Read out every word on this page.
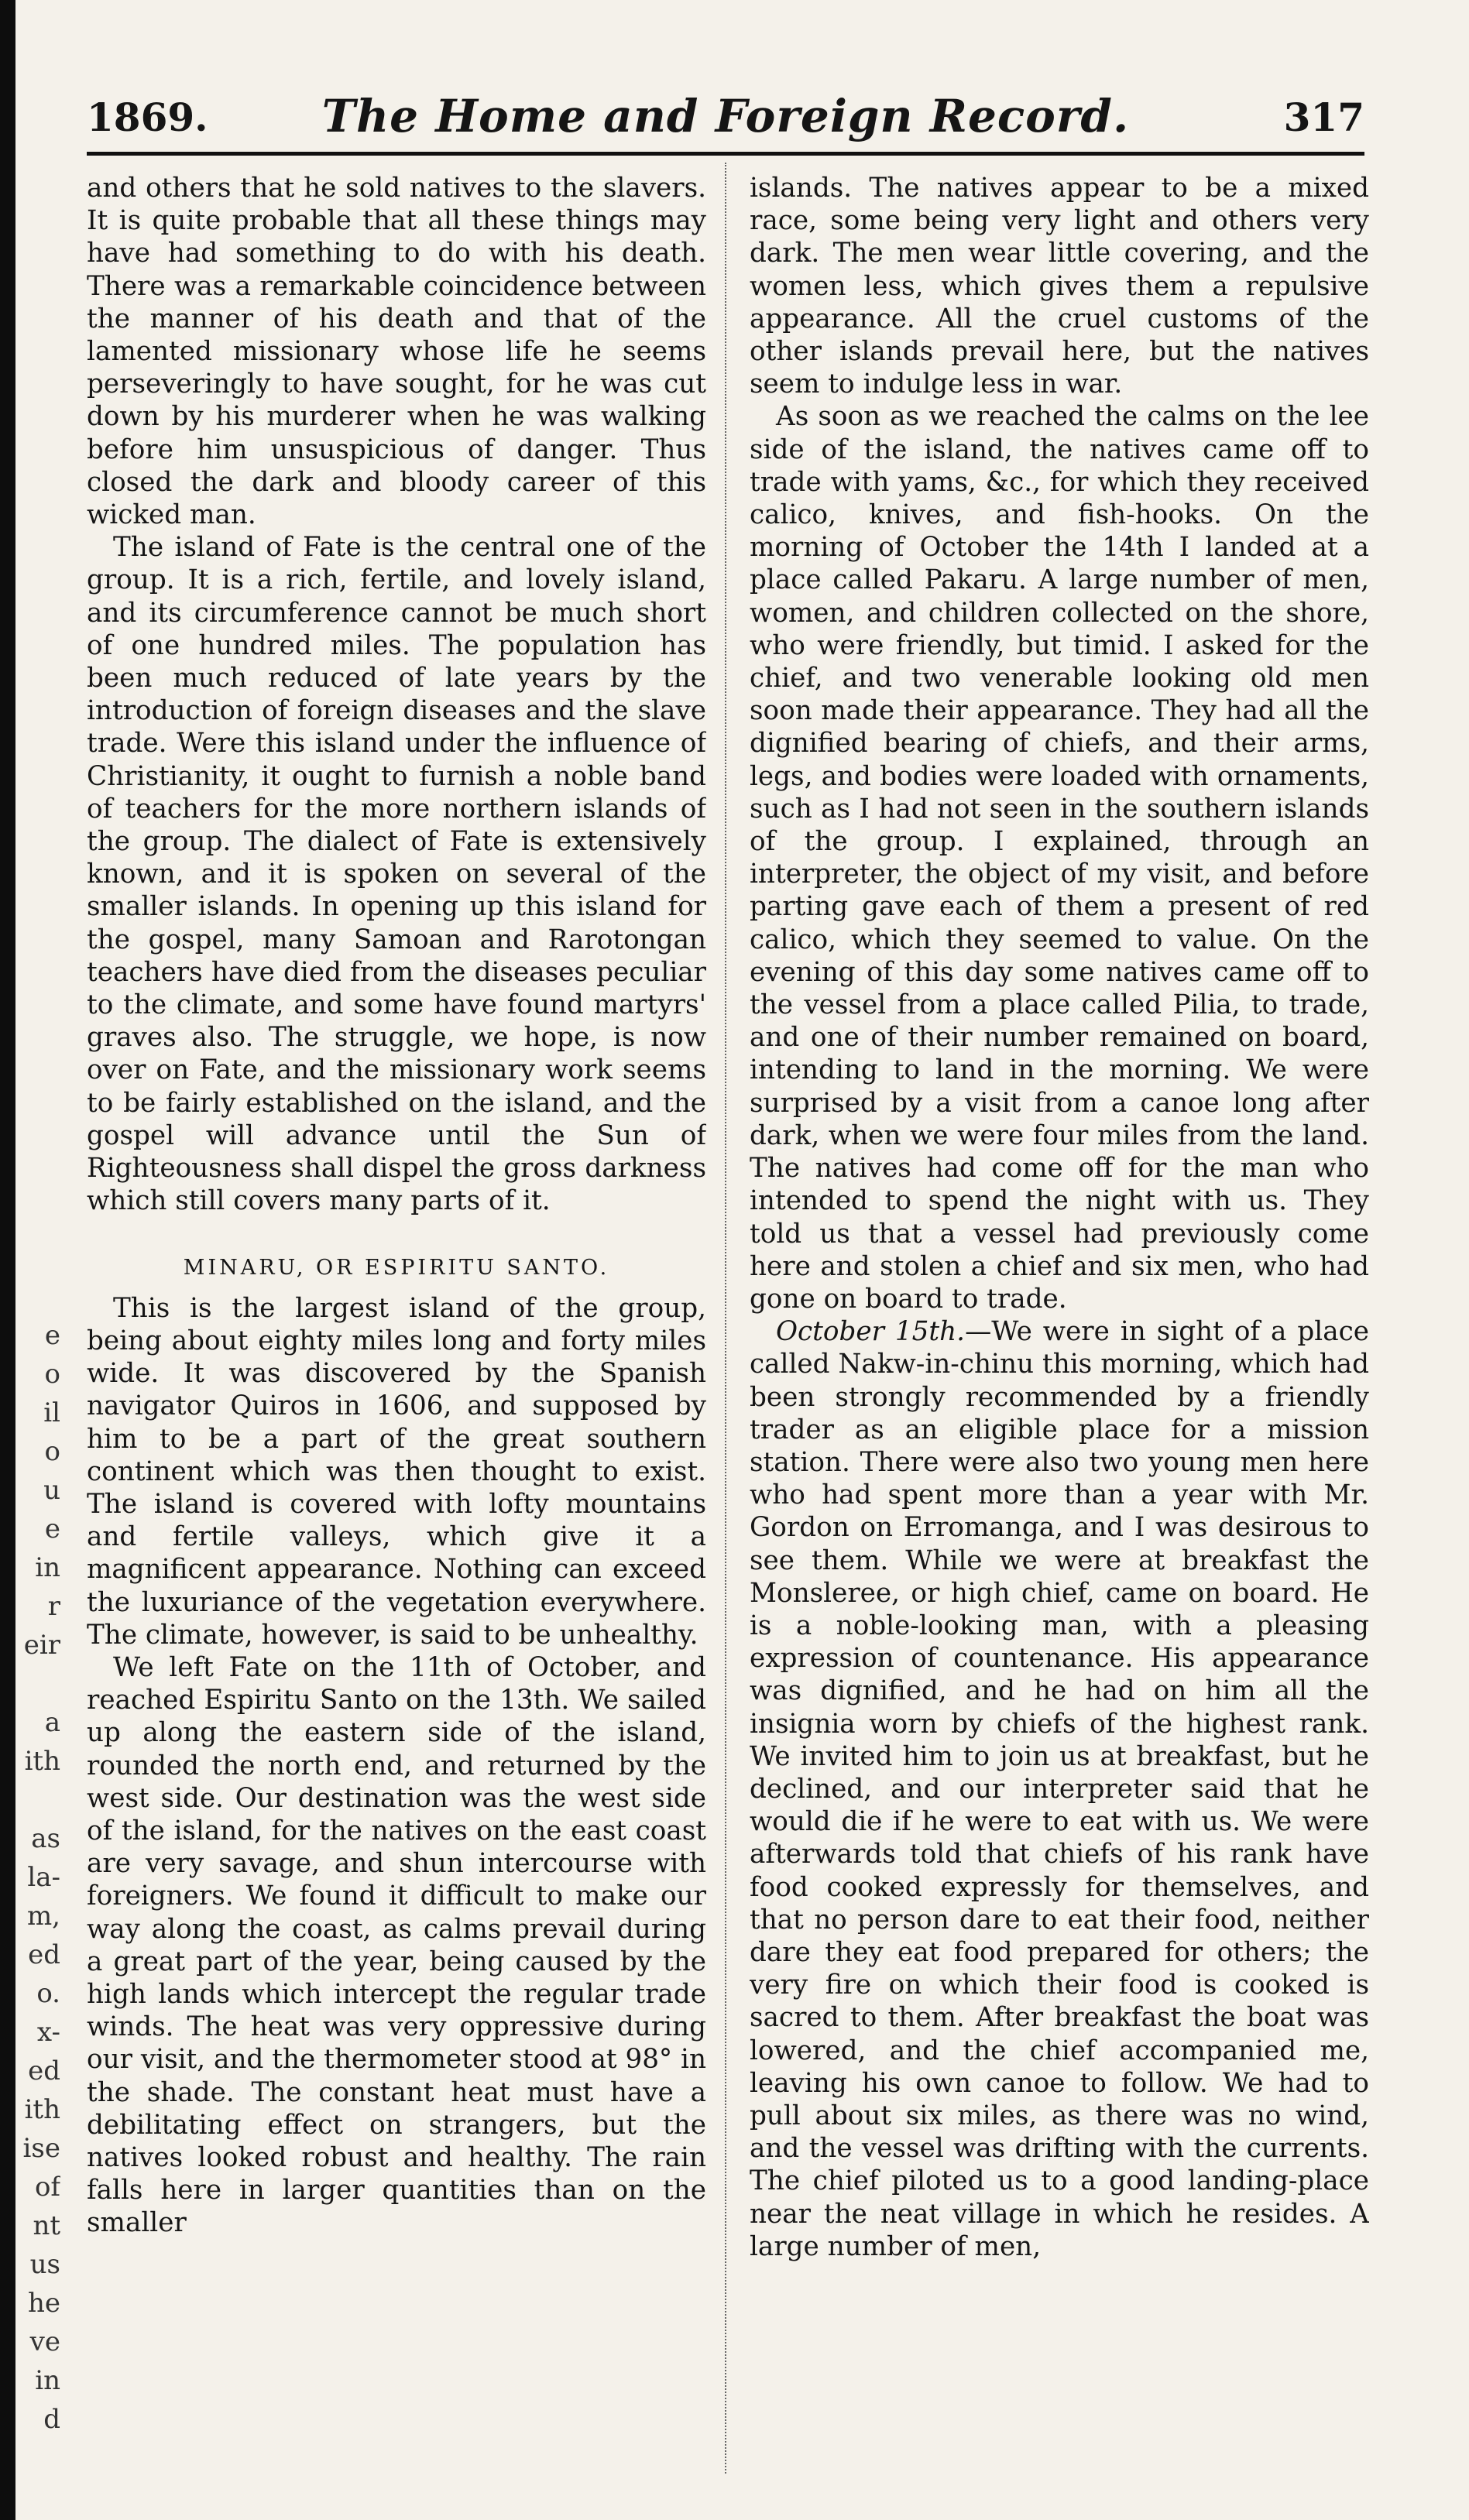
e
o
il
o
u
e
in
r
eir
a
ith
as
la-
m,
ed
o.
x-
ed
ith
ise
of
nt
us
he
ve
in
d
1869.	The Home and Foreign Record.	317

and others that he sold natives to the slavers. It is quite probable that all these things may have had something to do with his death. There was a remarkable coincidence between the manner of his death and that of the lamented missionary whose life he seems perseveringly to have sought, for he was cut down by his murderer when he was walking before him unsuspicious of danger. Thus closed the dark and bloody career of this wicked man.

The island of Fate is the central one of the group. It is a rich, fertile, and lovely island, and its circumference cannot be much short of one hundred miles. The population has been much reduced of late years by the introduction of foreign diseases and the slave trade. Were this island under the influence of Christianity, it ought to furnish a noble band of teachers for the more northern islands of the group. The dialect of Fate is extensively known, and it is spoken on several of the smaller islands. In opening up this island for the gospel, many Samoan and Rarotongan teachers have died from the diseases peculiar to the climate, and some have found martyrs' graves also. The struggle, we hope, is now over on Fate, and the missionary work seems to be fairly established on the island, and the gospel will advance until the Sun of Righteousness shall dispel the gross darkness which still covers many parts of it.

MINARU, OR ESPIRITU SANTO.

This is the largest island of the group, being about eighty miles long and forty miles wide. It was discovered by the Spanish navigator Quiros in 1606, and supposed by him to be a part of the great southern continent which was then thought to exist. The island is covered with lofty mountains and fertile valleys, which give it a magnificent appearance. Nothing can exceed the luxuriance of the vegetation everywhere. The climate, however, is said to be unhealthy.

We left Fate on the 11th of October, and reached Espiritu Santo on the 13th. We sailed up along the eastern side of the island, rounded the north end, and returned by the west side. Our destination was the west side of the island, for the natives on the east coast are very savage, and shun intercourse with foreigners. We found it difficult to make our way along the coast, as calms prevail during a great part of the year, being caused by the high lands which intercept the regular trade winds. The heat was very oppressive during our visit, and the thermometer stood at 98° in the shade. The constant heat must have a debilitating effect on strangers, but the natives looked robust and healthy. The rain falls here in larger quantities than on the smaller

islands. The natives appear to be a mixed race, some being very light and others very dark. The men wear little covering, and the women less, which gives them a repulsive appearance. All the cruel customs of the other islands prevail here, but the natives seem to indulge less in war.

As soon as we reached the calms on the lee side of the island, the natives came off to trade with yams, &c., for which they received calico, knives, and fish-hooks. On the morning of October the 14th I landed at a place called Pakaru. A large number of men, women, and children collected on the shore, who were friendly, but timid. I asked for the chief, and two venerable looking old men soon made their appearance. They had all the dignified bearing of chiefs, and their arms, legs, and bodies were loaded with ornaments, such as I had not seen in the southern islands of the group. I explained, through an interpreter, the object of my visit, and before parting gave each of them a present of red calico, which they seemed to value. On the evening of this day some natives came off to the vessel from a place called Pilia, to trade, and one of their number remained on board, intending to land in the morning. We were surprised by a visit from a canoe long after dark, when we were four miles from the land. The natives had come off for the man who intended to spend the night with us. They told us that a vessel had previously come here and stolen a chief and six men, who had gone on board to trade.

October 15th.—We were in sight of a place called Nakw-in-chinu this morning, which had been strongly recommended by a friendly trader as an eligible place for a mission station. There were also two young men here who had spent more than a year with Mr. Gordon on Erromanga, and I was desirous to see them. While we were at breakfast the Monsleree, or high chief, came on board. He is a noble-looking man, with a pleasing expression of countenance. His appearance was dignified, and he had on him all the insignia worn by chiefs of the highest rank. We invited him to join us at breakfast, but he declined, and our interpreter said that he would die if he were to eat with us. We were afterwards told that chiefs of his rank have food cooked expressly for themselves, and that no person dare to eat their food, neither dare they eat food prepared for others; the very fire on which their food is cooked is sacred to them. After breakfast the boat was lowered, and the chief accompanied me, leaving his own canoe to follow. We had to pull about six miles, as there was no wind, and the vessel was drifting with the currents. The chief piloted us to a good landing-place near the neat village in which he resides. A large number of men,
